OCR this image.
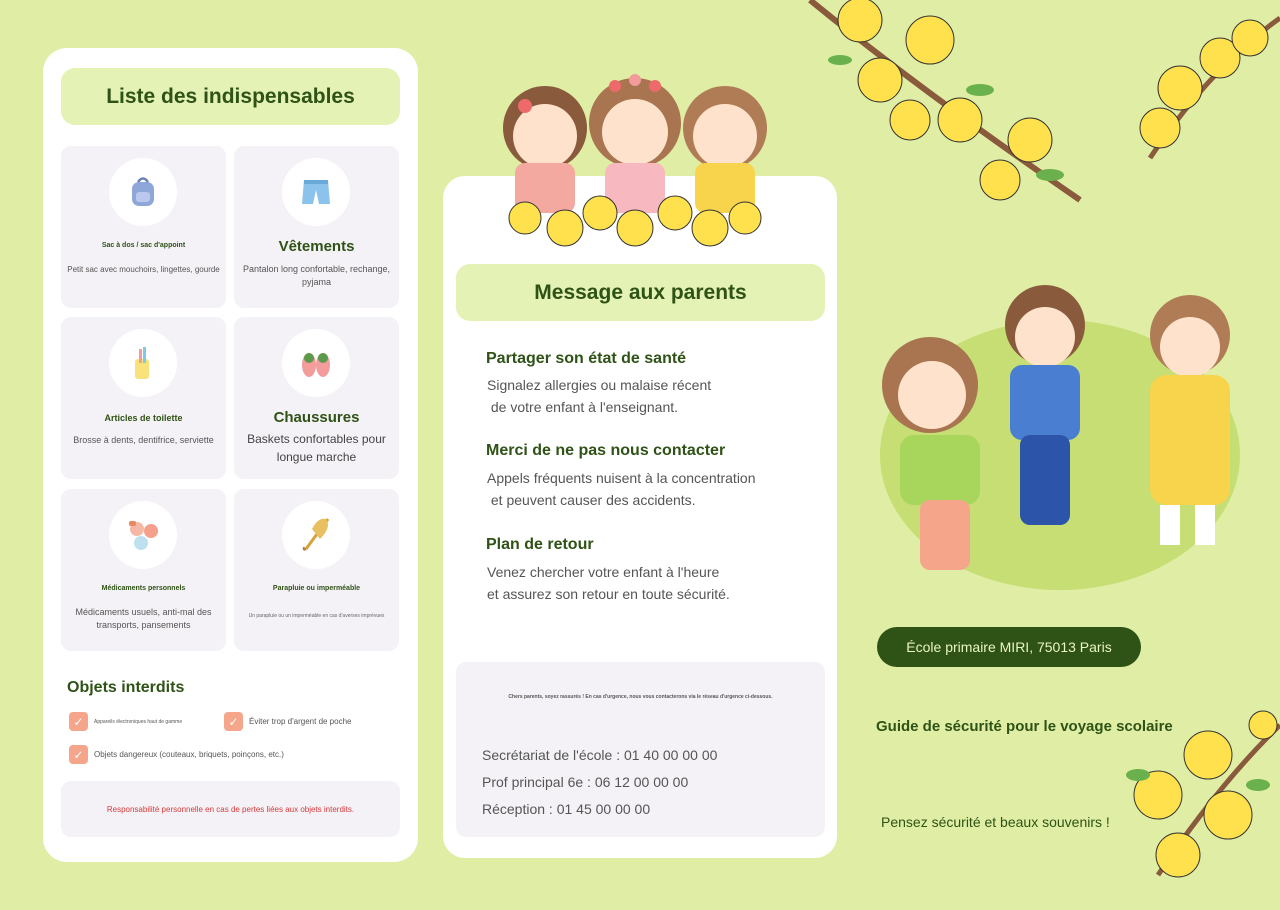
Liste des indispensables
Sac à dos / sac d'appoint
Petit sac avec mouchoirs, lingettes, gourde
Vêtements
Pantalon long confortable, rechange, pyjama
Articles de toilette
Brosse à dents, dentifrice, serviette
Chaussures
Baskets confortables pour longue marche
Médicaments personnels
Médicaments usuels, anti-mal des transports, pansements
Parapluie ou imperméable
Un parapluie ou un imperméable en cas d'averses imprévues
Objets interdits
✓	Appareils électroniques haut de gamme	✓	Éviter trop d'argent de poche
✓	Objets dangereux (couteaux, briquets, poinçons, etc.)
Responsabilité personnelle en cas de pertes liées aux objets interdits.
Message aux parents
Partager son état de santé
Signalez allergies ou malaise récent
de votre enfant à l'enseignant.
Merci de ne pas nous contacter
Appels fréquents nuisent à la concentration
et peuvent causer des accidents.
Plan de retour
Venez chercher votre enfant à l'heure
et assurez son retour en toute sécurité.
Chers parents, soyez rassurés ! En cas d'urgence, nous vous contacterons via le réseau d'urgence ci-dessous.
Secrétariat de l'école : 01 40 00 00 00
Prof principal 6e : 06 12 00 00 00
Réception : 01 45 00 00 00
École primaire MIRI, 75013 Paris
Guide de sécurité pour le voyage scolaire
Pensez sécurité et beaux souvenirs !
